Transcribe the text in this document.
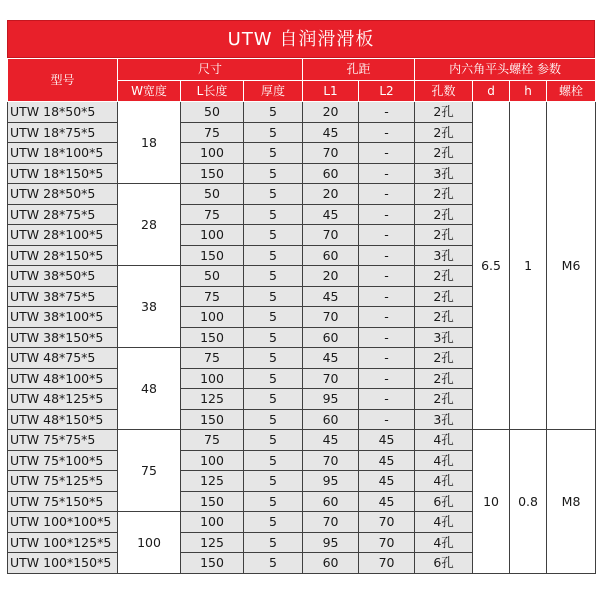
UTW 自润滑滑板
型号	尺寸			孔距		内六角平头螺栓 参数			
	W宽度	L长度	厚度	L1	L2	孔数	d	h	螺栓
UTW 18*50*5	18	50	5	20	-	2孔	6.5	1	M6
UTW 18*75*5		75	5	45	-	2孔			
UTW 18*100*5		100	5	70	-	2孔			
UTW 18*150*5		150	5	60	-	3孔			
UTW 28*50*5	28	50	5	20	-	2孔			
UTW 28*75*5		75	5	45	-	2孔			
UTW 28*100*5		100	5	70	-	2孔			
UTW 28*150*5		150	5	60	-	3孔			
UTW 38*50*5	38	50	5	20	-	2孔			
UTW 38*75*5		75	5	45	-	2孔			
UTW 38*100*5		100	5	70	-	2孔			
UTW 38*150*5		150	5	60	-	3孔			
UTW 48*75*5	48	75	5	45	-	2孔			
UTW 48*100*5		100	5	70	-	2孔			
UTW 48*125*5		125	5	95	-	2孔			
UTW 48*150*5		150	5	60	-	3孔			
UTW 75*75*5	75	75	5	45	45	4孔	10	0.8	M8
UTW 75*100*5		100	5	70	45	4孔			
UTW 75*125*5		125	5	95	45	4孔			
UTW 75*150*5		150	5	60	45	6孔			
UTW 100*100*5	100	100	5	70	70	4孔			
UTW 100*125*5		125	5	95	70	4孔			
UTW 100*150*5		150	5	60	70	6孔			
